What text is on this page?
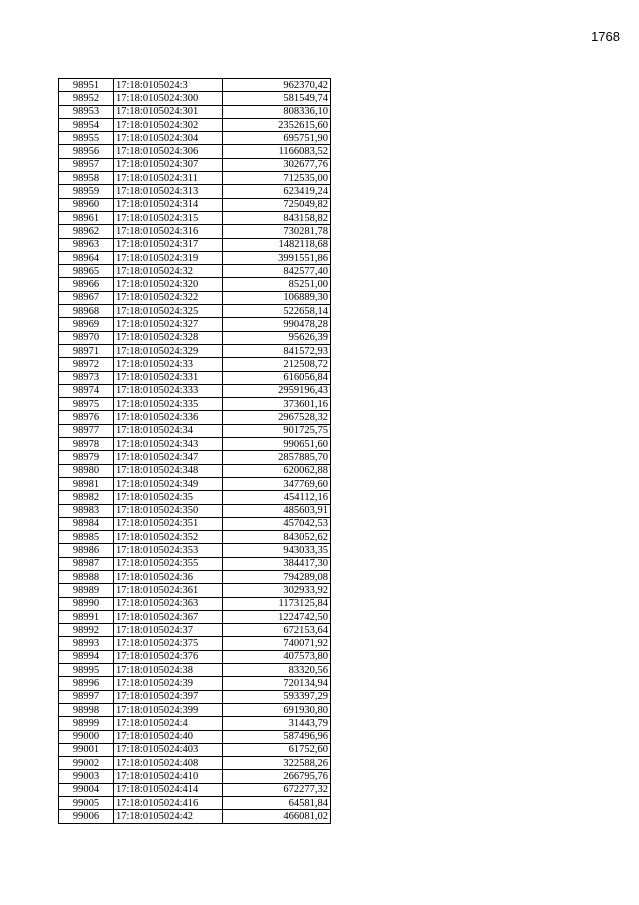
1768
98951	17:18:0105024:3	962370,42
98952	17:18:0105024:300	581549,74
98953	17:18:0105024:301	808336,10
98954	17:18:0105024:302	2352615,60
98955	17:18:0105024:304	695751,90
98956	17:18:0105024:306	1166083,52
98957	17:18:0105024:307	302677,76
98958	17:18:0105024:311	712535,00
98959	17:18:0105024:313	623419,24
98960	17:18:0105024:314	725049,82
98961	17:18:0105024:315	843158,82
98962	17:18:0105024:316	730281,78
98963	17:18:0105024:317	1482118,68
98964	17:18:0105024:319	3991551,86
98965	17:18:0105024:32	842577,40
98966	17:18:0105024:320	85251,00
98967	17:18:0105024:322	106889,30
98968	17:18:0105024:325	522658,14
98969	17:18:0105024:327	990478,28
98970	17:18:0105024:328	95626,39
98971	17:18:0105024:329	841572,93
98972	17:18:0105024:33	212508,72
98973	17:18:0105024:331	616056,84
98974	17:18:0105024:333	2959196,43
98975	17:18:0105024:335	373601,16
98976	17:18:0105024:336	2967528,32
98977	17:18:0105024:34	901725,75
98978	17:18:0105024:343	990651,60
98979	17:18:0105024:347	2857885,70
98980	17:18:0105024:348	620062,88
98981	17:18:0105024:349	347769,60
98982	17:18:0105024:35	454112,16
98983	17:18:0105024:350	485603,91
98984	17:18:0105024:351	457042,53
98985	17:18:0105024:352	843052,62
98986	17:18:0105024:353	943033,35
98987	17:18:0105024:355	384417,30
98988	17:18:0105024:36	794289,08
98989	17:18:0105024:361	302933,92
98990	17:18:0105024:363	1173125,84
98991	17:18:0105024:367	1224742,50
98992	17:18:0105024:37	672153,64
98993	17:18:0105024:375	740071,92
98994	17:18:0105024:376	407573,80
98995	17:18:0105024:38	83320,56
98996	17:18:0105024:39	720134,94
98997	17:18:0105024:397	593397,29
98998	17:18:0105024:399	691930,80
98999	17:18:0105024:4	31443,79
99000	17:18:0105024:40	587496,96
99001	17:18:0105024:403	61752,60
99002	17:18:0105024:408	322588,26
99003	17:18:0105024:410	266795,76
99004	17:18:0105024:414	672277,32
99005	17:18:0105024:416	64581,84
99006	17:18:0105024:42	466081,02
